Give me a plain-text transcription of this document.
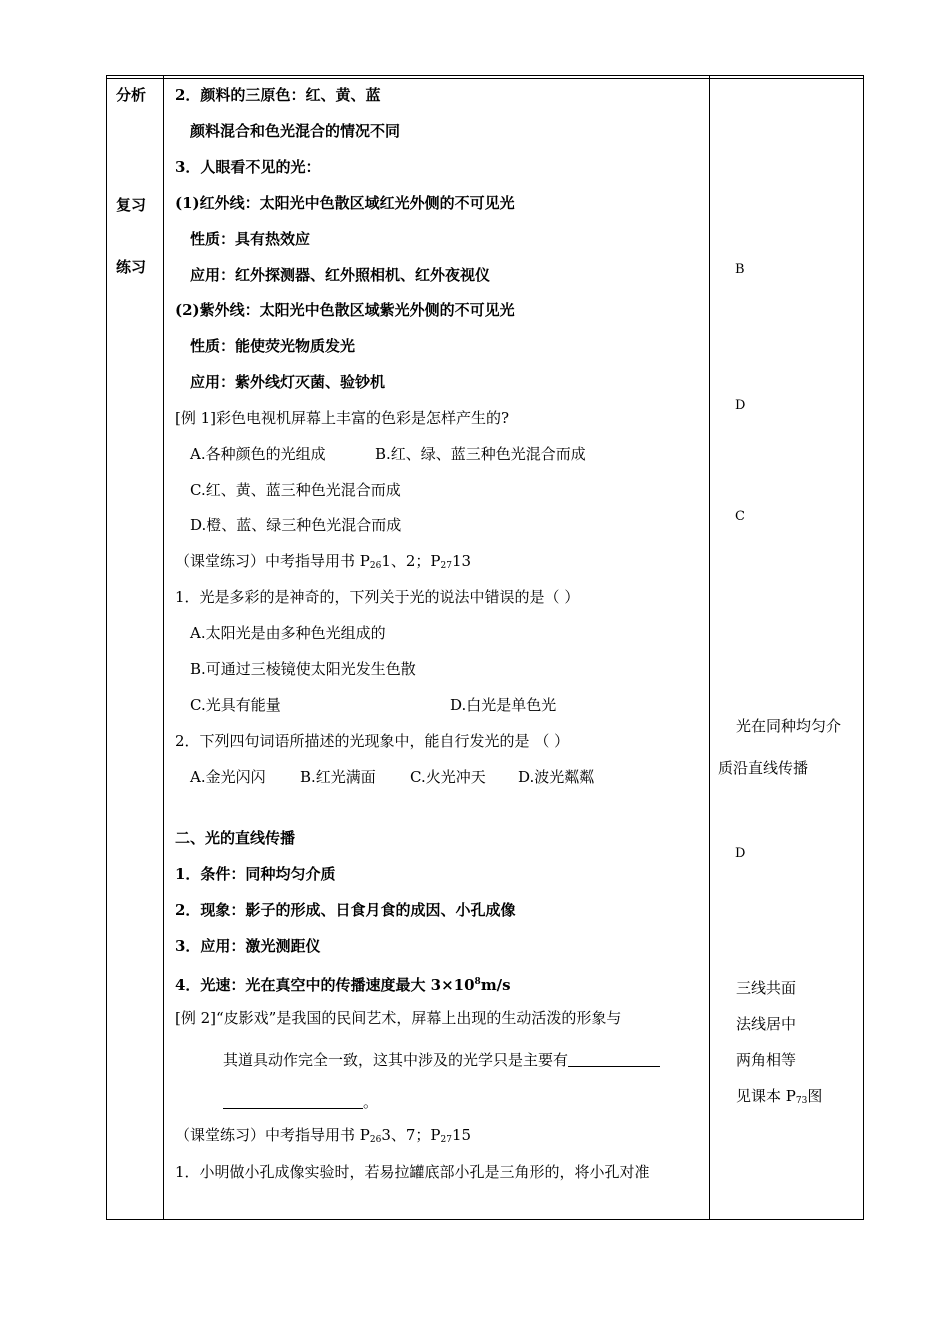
分析
复习
练习
2．颜料的三原色：红、黄、蓝
颜料混合和色光混合的情况不同
3．人眼看不见的光：
(1)红外线：太阳光中色散区域红光外侧的不可见光
性质：具有热效应
应用：红外探测器、红外照相机、红外夜视仪
(2)紫外线：太阳光中色散区域紫光外侧的不可见光
性质：能使荧光物质发光
应用：紫外线灯灭菌、验钞机
[例 1]彩色电视机屏幕上丰富的色彩是怎样产生的?
A.各种颜色的光组成	B.红、绿、蓝三种色光混合而成
C.红、黄、蓝三种色光混合而成
D.橙、蓝、绿三种色光混合而成
（课堂练习）中考指导用书 $P_{26}1$、2；$P_{27}13$
1．光是多彩的是神奇的，下列关于光的说法中错误的是（ ）
A.太阳光是由多种色光组成的
B.可通过三棱镜使太阳光发生色散
C.光具有能量	D.白光是单色光
2．下列四句词语所描述的光现象中，能自行发光的是 （ ）
A.金光闪闪 B.红光满面 C.火光冲天 D.波光粼粼
二、光的直线传播
1．条件：同种均匀介质
2．现象：影子的形成、日食月食的成因、小孔成像
3．应用：激光测距仪
4．光速：光在真空中的传播速度最大 $3\times 10^8m/s$
[例 2]“皮影戏”是我国的民间艺术，屏幕上出现的生动活泼的形象与
其道具动作完全一致，这其中涉及的光学只是主要有
。
（课堂练习）中考指导用书 $P_{26}3$、7；$P_{27}15$
1．小明做小孔成像实验时，若易拉罐底部小孔是三角形的，将小孔对准
B
D
C
光在同种均匀介
质沿直线传播
D
三线共面
法线居中
两角相等
见课本 $P_{73}$图
